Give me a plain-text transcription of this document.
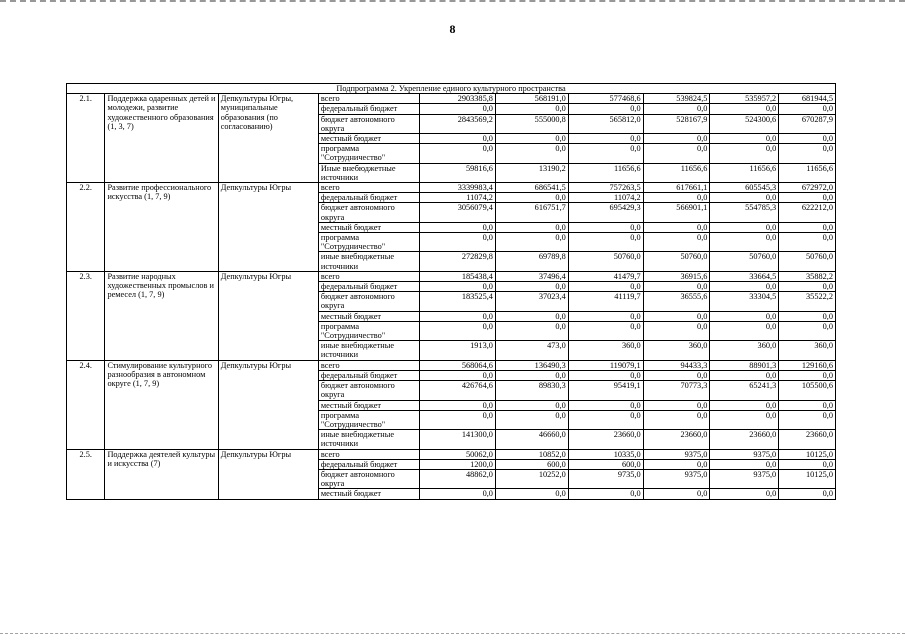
8
Подпрограмма 2. Укрепление единого культурного пространства									
2.1.	Поддержка одаренных детей и молодежи, развитие художественного образования (1, 3, 7)	Депкультуры Югры, муниципальные образования (по согласованию)	всего	2903385,8	568191,0	577468,6	539824,5	535957,2	681944,5
			федеральный бюджет	0,0	0,0	0,0	0,0	0,0	0,0
			бюджет автономного округа	2843569,2	555000,8	565812,0	528167,9	524300,6	670287,9
			местный бюджет	0,0	0,0	0,0	0,0	0,0	0,0
			программа "Сотрудничество"	0,0	0,0	0,0	0,0	0,0	0,0
			Иные внебюджетные источники	59816,6	13190,2	11656,6	11656,6	11656,6	11656,6
2.2.	Развитие профессионального искусства (1, 7, 9)	Депкультуры Югры	всего	3339983,4	686541,5	757263,5	617661,1	605545,3	672972,0
			федеральный бюджет	11074,2	0,0	11074,2	0,0	0,0	0,0
			бюджет автономного округа	3056079,4	616751,7	695429,3	566901,1	554785,3	622212,0
			местный бюджет	0,0	0,0	0,0	0,0	0,0	0,0
			программа "Сотрудничество"	0,0	0,0	0,0	0,0	0,0	0,0
			иные внебюджетные источники	272829,8	69789,8	50760,0	50760,0	50760,0	50760,0
2.3.	Развитие народных художественных промыслов и ремесел (1, 7, 9)	Депкультуры Югры	всего	185438,4	37496,4	41479,7	36915,6	33664,5	35882,2
			федеральный бюджет	0,0	0,0	0,0	0,0	0,0	0,0
			бюджет автономного округа	183525,4	37023,4	41119,7	36555,6	33304,5	35522,2
			местный бюджет	0,0	0,0	0,0	0,0	0,0	0,0
			программа "Сотрудничество"	0,0	0,0	0,0	0,0	0,0	0,0
			иные внебюджетные источники	1913,0	473,0	360,0	360,0	360,0	360,0
2.4.	Стимулирование культурного разнообразия в автономном округе (1, 7, 9)	Депкультуры Югры	всего	568064,6	136490,3	119079,1	94433,3	88901,3	129160,6
			федеральный бюджет	0,0	0,0	0,0	0,0	0,0	0,0
			бюджет автономного округа	426764,6	89830,3	95419,1	70773,3	65241,3	105500,6
			местный бюджет	0,0	0,0	0,0	0,0	0,0	0,0
			программа "Сотрудничество"	0,0	0,0	0,0	0,0	0,0	0,0
			иные внебюджетные источники	141300,0	46660,0	23660,0	23660,0	23660,0	23660,0
2.5.	Поддержка деятелей культуры и искусства (7)	Депкультуры Югры	всего	50062,0	10852,0	10335,0	9375,0	9375,0	10125,0
			федеральный бюджет	1200,0	600,0	600,0	0,0	0,0	0,0
			бюджет автономного округа	48862,0	10252,0	9735,0	9375,0	9375,0	10125,0
			местный бюджет	0,0	0,0	0,0	0,0	0,0	0,0
